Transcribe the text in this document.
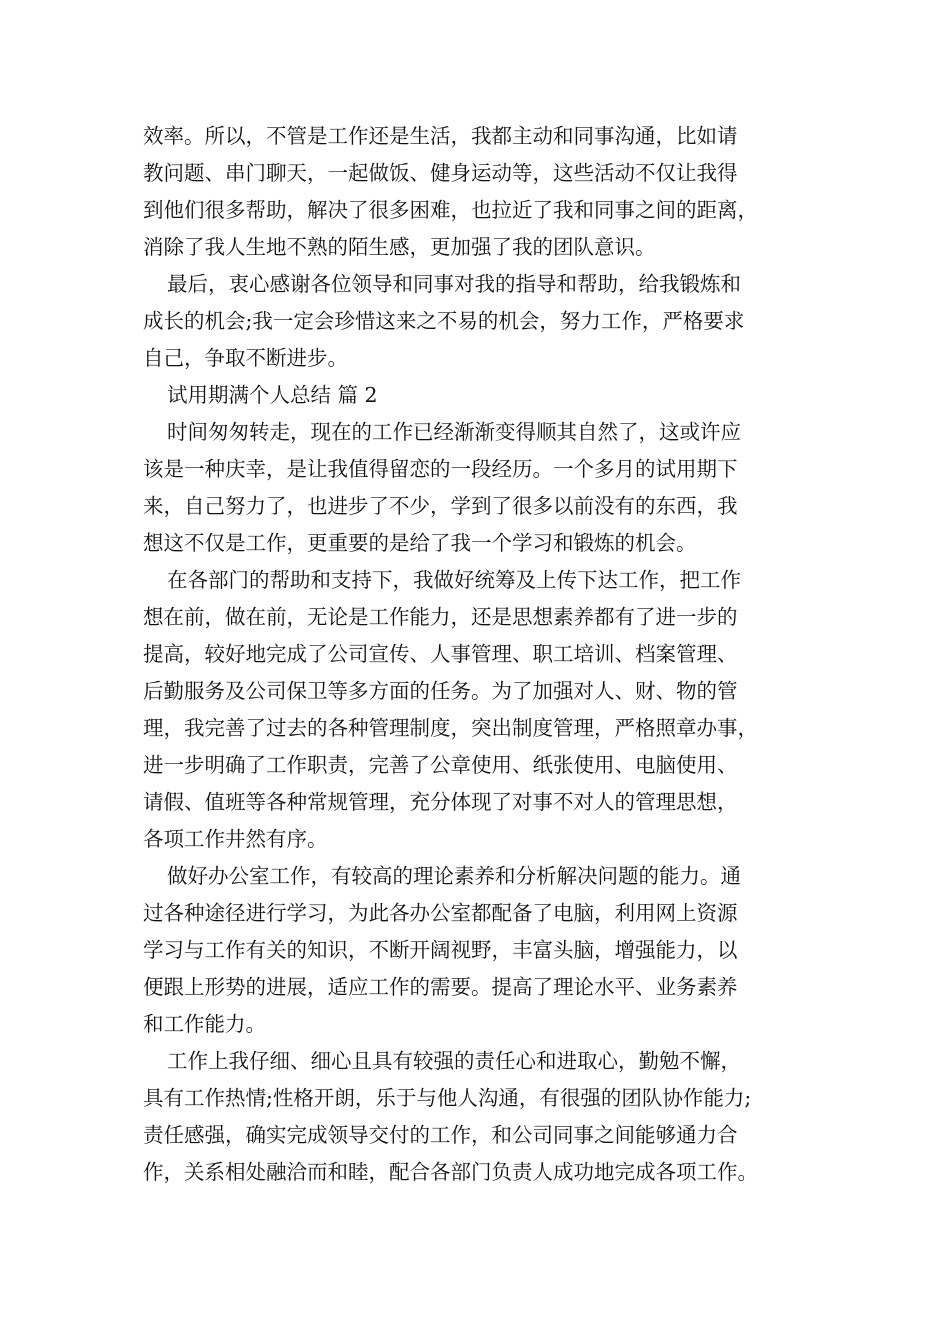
效率。所以，不管是工作还是生活，我都主动和同事沟通，比如请
教问题、串门聊天，一起做饭、健身运动等，这些活动不仅让我得
到他们很多帮助，解决了很多困难，也拉近了我和同事之间的距离，
消除了我人生地不熟的陌生感，更加强了我的团队意识。
最后，衷心感谢各位领导和同事对我的指导和帮助，给我锻炼和
成长的机会;我一定会珍惜这来之不易的机会，努力工作，严格要求
自己，争取不断进步。
试用期满个人总结 篇 2
时间匆匆转走，现在的工作已经渐渐变得顺其自然了，这或许应
该是一种庆幸，是让我值得留恋的一段经历。一个多月的试用期下
来，自己努力了，也进步了不少，学到了很多以前没有的东西，我
想这不仅是工作，更重要的是给了我一个学习和锻炼的机会。
在各部门的帮助和支持下，我做好统筹及上传下达工作，把工作
想在前，做在前，无论是工作能力，还是思想素养都有了进一步的
提高，较好地完成了公司宣传、人事管理、职工培训、档案管理、
后勤服务及公司保卫等多方面的任务。为了加强对人、财、物的管
理，我完善了过去的各种管理制度，突出制度管理，严格照章办事，
进一步明确了工作职责，完善了公章使用、纸张使用、电脑使用、
请假、值班等各种常规管理，充分体现了对事不对人的管理思想，
各项工作井然有序。
做好办公室工作，有较高的理论素养和分析解决问题的能力。通
过各种途径进行学习，为此各办公室都配备了电脑，利用网上资源
学习与工作有关的知识，不断开阔视野，丰富头脑，增强能力，以
便跟上形势的进展，适应工作的需要。提高了理论水平、业务素养
和工作能力。
工作上我仔细、细心且具有较强的责任心和进取心，勤勉不懈，
具有工作热情;性格开朗，乐于与他人沟通，有很强的团队协作能力;
责任感强，确实完成领导交付的工作，和公司同事之间能够通力合
作，关系相处融洽而和睦，配合各部门负责人成功地完成各项工作。
